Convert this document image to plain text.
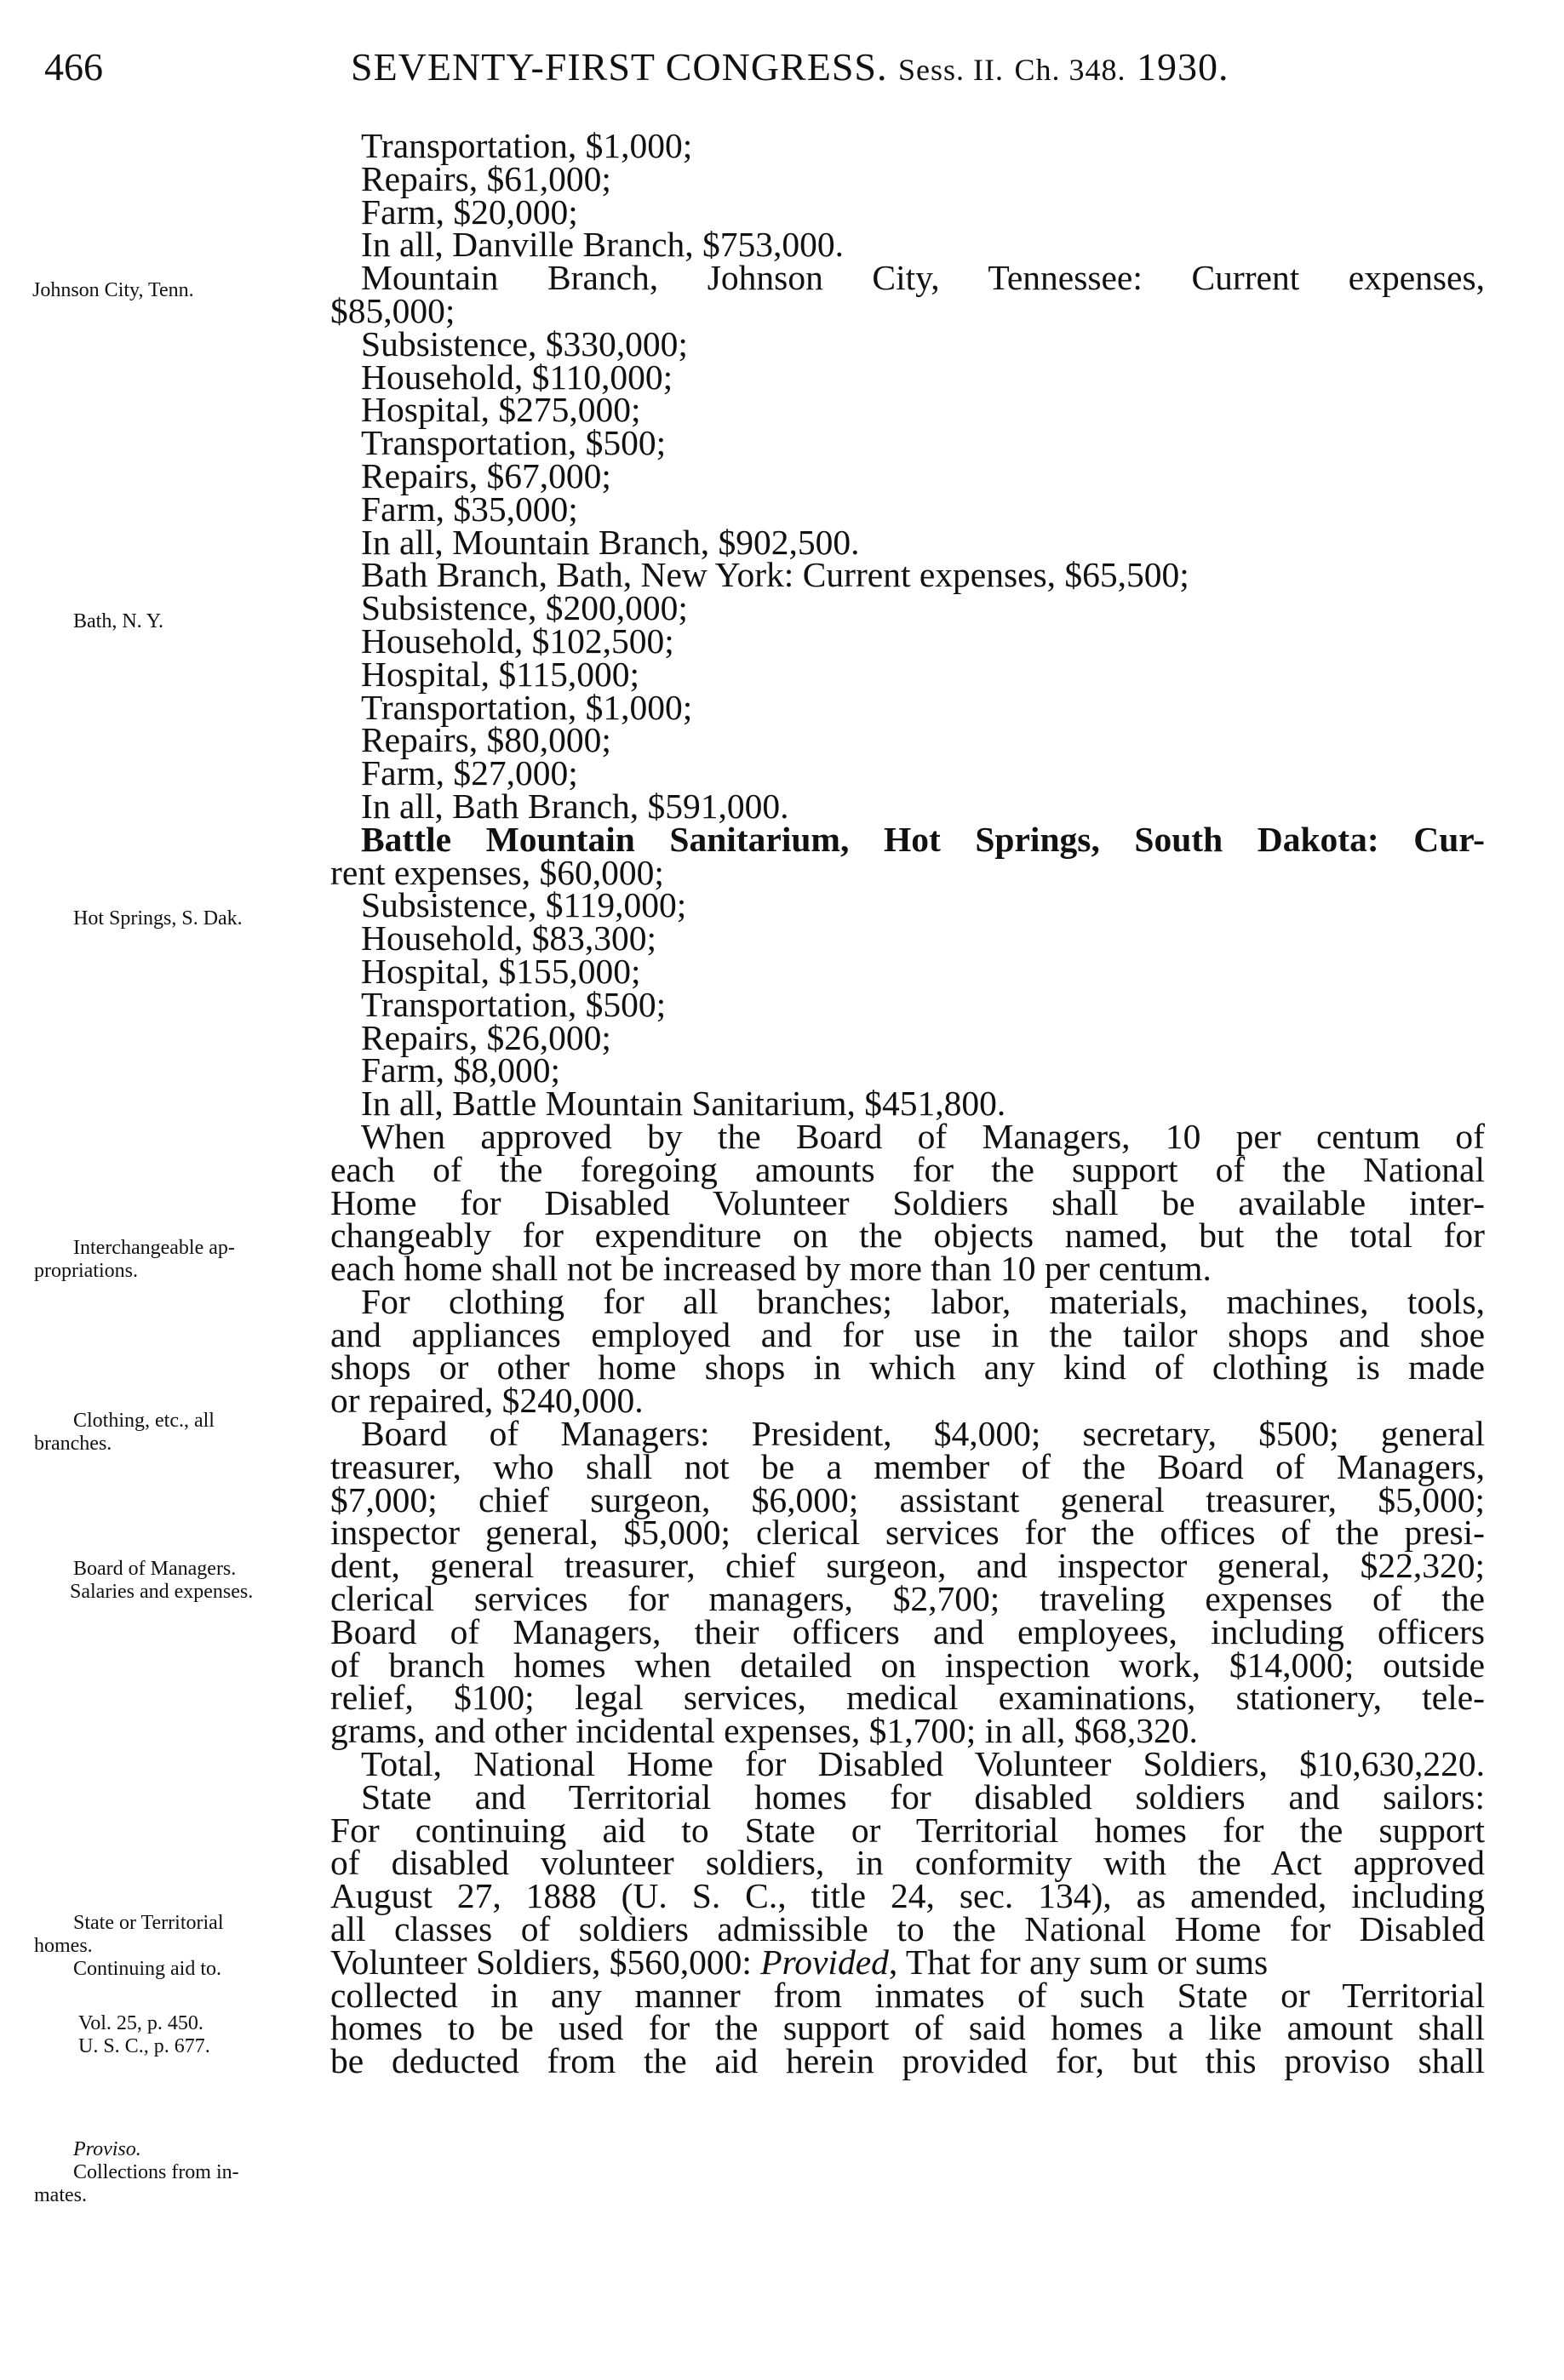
466	SEVENTY-FIRST CONGRESS. Sess. II. Ch. 348. 1930.
Johnson City, Tenn.
Bath, N. Y.
Hot Springs, S. Dak.
Interchangeable ap-
propriations.
Clothing, etc., all
branches.
Board of Managers.
Salaries and expenses.
State or Territorial
homes.
Continuing aid to.
Vol. 25, p. 450.
U. S. C., p. 677.
Proviso.
Collections from in-
mates.
Transportation, $1,000;
Repairs, $61,000;
Farm, $20,000;
In all, Danville Branch, $753,000.
Mountain Branch, Johnson City, Tennessee: Current expenses,
$85,000;
Subsistence, $330,000;
Household, $110,000;
Hospital, $275,000;
Transportation, $500;
Repairs, $67,000;
Farm, $35,000;
In all, Mountain Branch, $902,500.
Bath Branch, Bath, New York: Current expenses, $65,500;
Subsistence, $200,000;
Household, $102,500;
Hospital, $115,000;
Transportation, $1,000;
Repairs, $80,000;
Farm, $27,000;
In all, Bath Branch, $591,000.
Battle Mountain Sanitarium, Hot Springs, South Dakota: Cur-
rent expenses, $60,000;
Subsistence, $119,000;
Household, $83,300;
Hospital, $155,000;
Transportation, $500;
Repairs, $26,000;
Farm, $8,000;
In all, Battle Mountain Sanitarium, $451,800.
When approved by the Board of Managers, 10 per centum of
each of the foregoing amounts for the support of the National
Home for Disabled Volunteer Soldiers shall be available inter-
changeably for expenditure on the objects named, but the total for
each home shall not be increased by more than 10 per centum.
For clothing for all branches; labor, materials, machines, tools,
and appliances employed and for use in the tailor shops and shoe
shops or other home shops in which any kind of clothing is made
or repaired, $240,000.
Board of Managers: President, $4,000; secretary, $500; general
treasurer, who shall not be a member of the Board of Managers,
$7,000; chief surgeon, $6,000; assistant general treasurer, $5,000;
inspector general, $5,000; clerical services for the offices of the presi-
dent, general treasurer, chief surgeon, and inspector general, $22,320;
clerical services for managers, $2,700; traveling expenses of the
Board of Managers, their officers and employees, including officers
of branch homes when detailed on inspection work, $14,000; outside
relief, $100; legal services, medical examinations, stationery, tele-
grams, and other incidental expenses, $1,700; in all, $68,320.
Total, National Home for Disabled Volunteer Soldiers, $10,630,220.
State and Territorial homes for disabled soldiers and sailors:
For continuing aid to State or Territorial homes for the support
of disabled volunteer soldiers, in conformity with the Act approved
August 27, 1888 (U. S. C., title 24, sec. 134), as amended, including
all classes of soldiers admissible to the National Home for Disabled
Volunteer Soldiers, $560,000: Provided, That for any sum or sums
collected in any manner from inmates of such State or Territorial
homes to be used for the support of said homes a like amount shall
be deducted from the aid herein provided for, but this proviso shall
